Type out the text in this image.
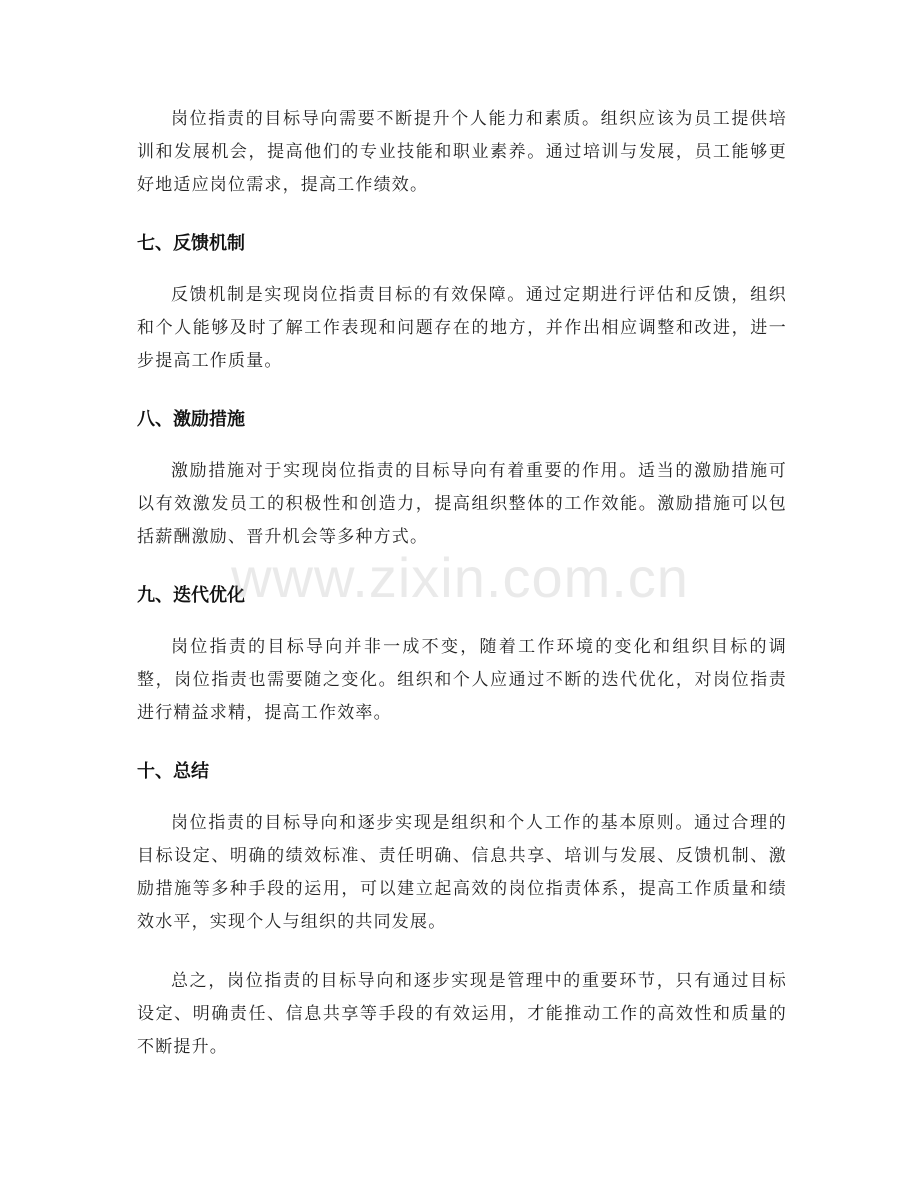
岗位指责的目标导向需要不断提升个人能力和素质。组织应该为员工提供培训和发展机会，提高他们的专业技能和职业素养。通过培训与发展，员工能够更好地适应岗位需求，提高工作绩效。

七、反馈机制

反馈机制是实现岗位指责目标的有效保障。通过定期进行评估和反馈，组织和个人能够及时了解工作表现和问题存在的地方，并作出相应调整和改进，进一步提高工作质量。

八、激励措施

激励措施对于实现岗位指责的目标导向有着重要的作用。适当的激励措施可以有效激发员工的积极性和创造力，提高组织整体的工作效能。激励措施可以包括薪酬激励、晋升机会等多种方式。

九、迭代优化

岗位指责的目标导向并非一成不变，随着工作环境的变化和组织目标的调整，岗位指责也需要随之变化。组织和个人应通过不断的迭代优化，对岗位指责进行精益求精，提高工作效率。

十、总结

岗位指责的目标导向和逐步实现是组织和个人工作的基本原则。通过合理的目标设定、明确的绩效标准、责任明确、信息共享、培训与发展、反馈机制、激励措施等多种手段的运用，可以建立起高效的岗位指责体系，提高工作质量和绩效水平，实现个人与组织的共同发展。

总之，岗位指责的目标导向和逐步实现是管理中的重要环节，只有通过目标设定、明确责任、信息共享等手段的有效运用，才能推动工作的高效性和质量的不断提升。

www.zixin.com.cn
